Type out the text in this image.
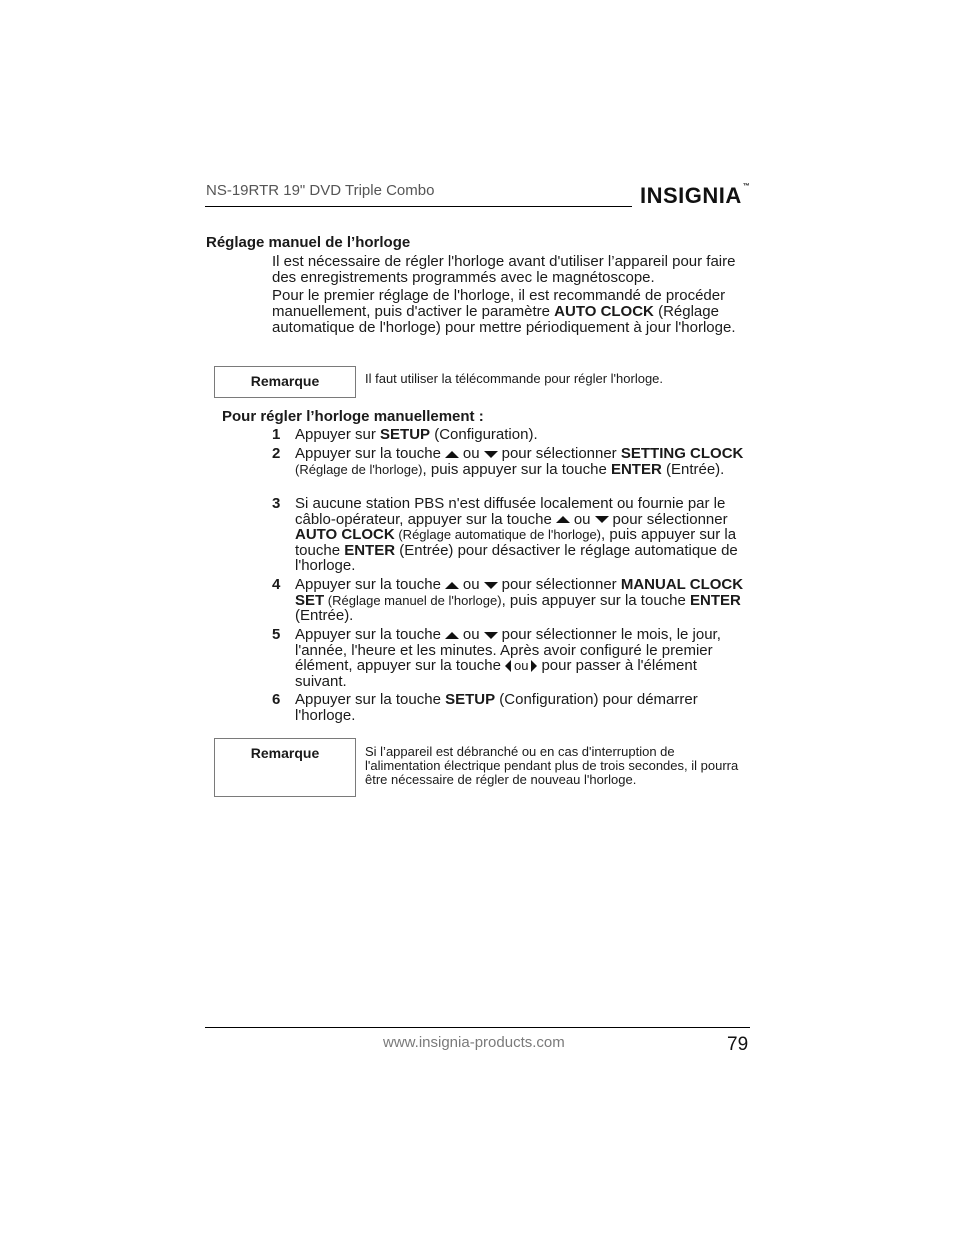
NS-19RTR 19" DVD Triple Combo	INSIGNIA™
Réglage manuel de l’horloge
Il est nécessaire de régler l'horloge avant d'utiliser l’appareil pour faire des enregistrements programmés avec le magnétoscope.
Pour le premier réglage de l'horloge, il est recommandé de procéder manuellement, puis d'activer le paramètre AUTO CLOCK (Réglage automatique de l'horloge) pour mettre périodiquement à jour l'horloge.
Remarque	Il faut utiliser la télécommande pour régler l'horloge.
Pour régler l’horloge manuellement :
1 Appuyer sur SETUP (Configuration).
2 Appuyer sur la touche ou pour sélectionner SETTING CLOCK (Réglage de l'horloge), puis appuyer sur la touche ENTER (Entrée).
3 Si aucune station PBS n'est diffusée localement ou fournie par le câblo-opérateur, appuyer sur la touche ou pour sélectionner AUTO CLOCK (Réglage automatique de l'horloge), puis appuyer sur la touche ENTER (Entrée) pour désactiver le réglage automatique de l'horloge.
4 Appuyer sur la touche ou pour sélectionner MANUAL CLOCK SET (Réglage manuel de l'horloge), puis appuyer sur la touche ENTER (Entrée).
5 Appuyer sur la touche ou pour sélectionner le mois, le jour, l'année, l'heure et les minutes. Après avoir configuré le premier élément, appuyer sur la touche ou pour passer à l'élément suivant.
6 Appuyer sur la touche SETUP (Configuration) pour démarrer l'horloge.
Remarque	Si l’appareil est débranché ou en cas d'interruption de l'alimentation électrique pendant plus de trois secondes, il pourra être nécessaire de régler de nouveau l'horloge.
www.insignia-products.com	79
